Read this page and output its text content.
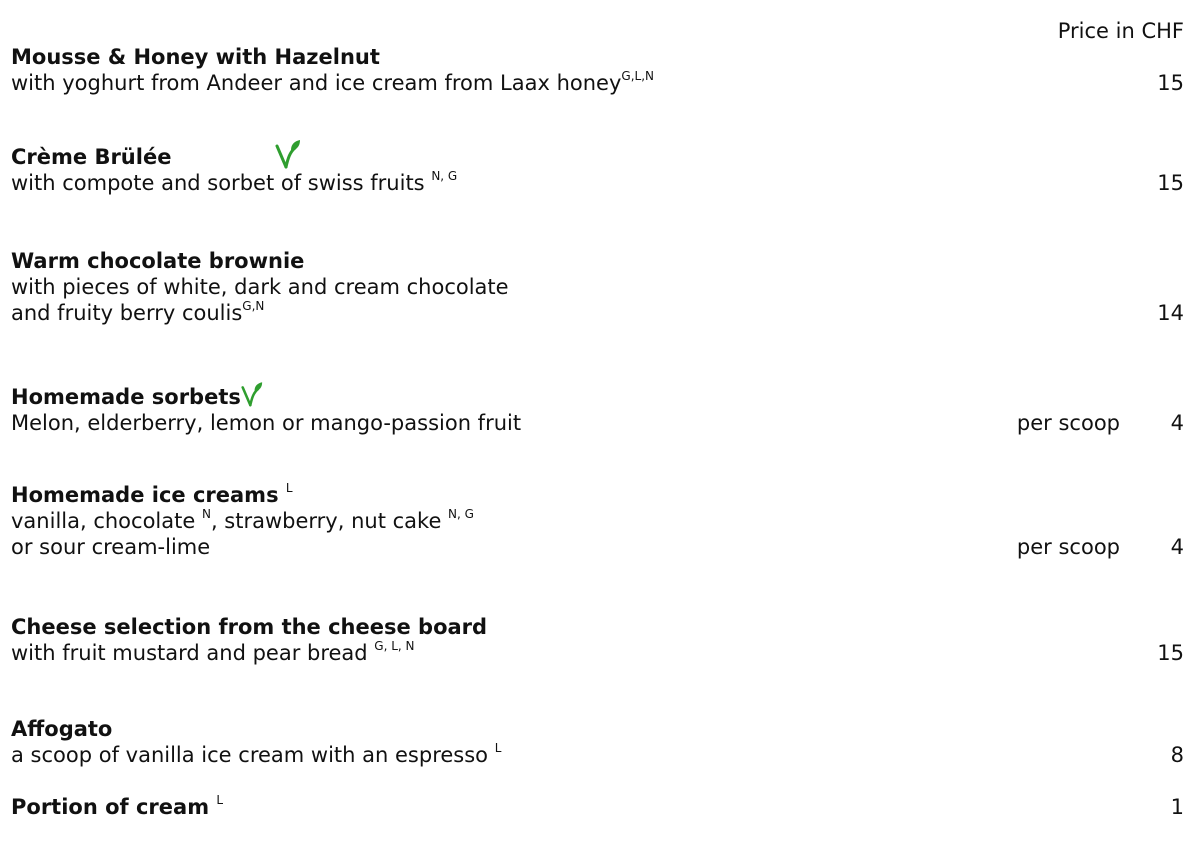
Price in CHF
Mousse & Honey with Hazelnut
with yoghurt from Andeer and ice cream from Laax honey$^{G,L,N}$	15
Crème Brülée
with compote and sorbet of swiss fruits $^{N, G}$	15
Warm chocolate brownie
with pieces of white, dark and cream chocolate
and fruity berry coulis$^{G,N}$	14
Homemade sorbets
Melon, elderberry, lemon or mango-passion fruit	per scoop 4
Homemade ice creams $^L$
vanilla, chocolate $^N$, strawberry, nut cake $^{N, G}$
or sour cream-lime	per scoop 4
Cheese selection from the cheese board
with fruit mustard and pear bread $^{G, L, N}$	15
Affogato
a scoop of vanilla ice cream with an espresso $^L$	8
Portion of cream $^L$	1
